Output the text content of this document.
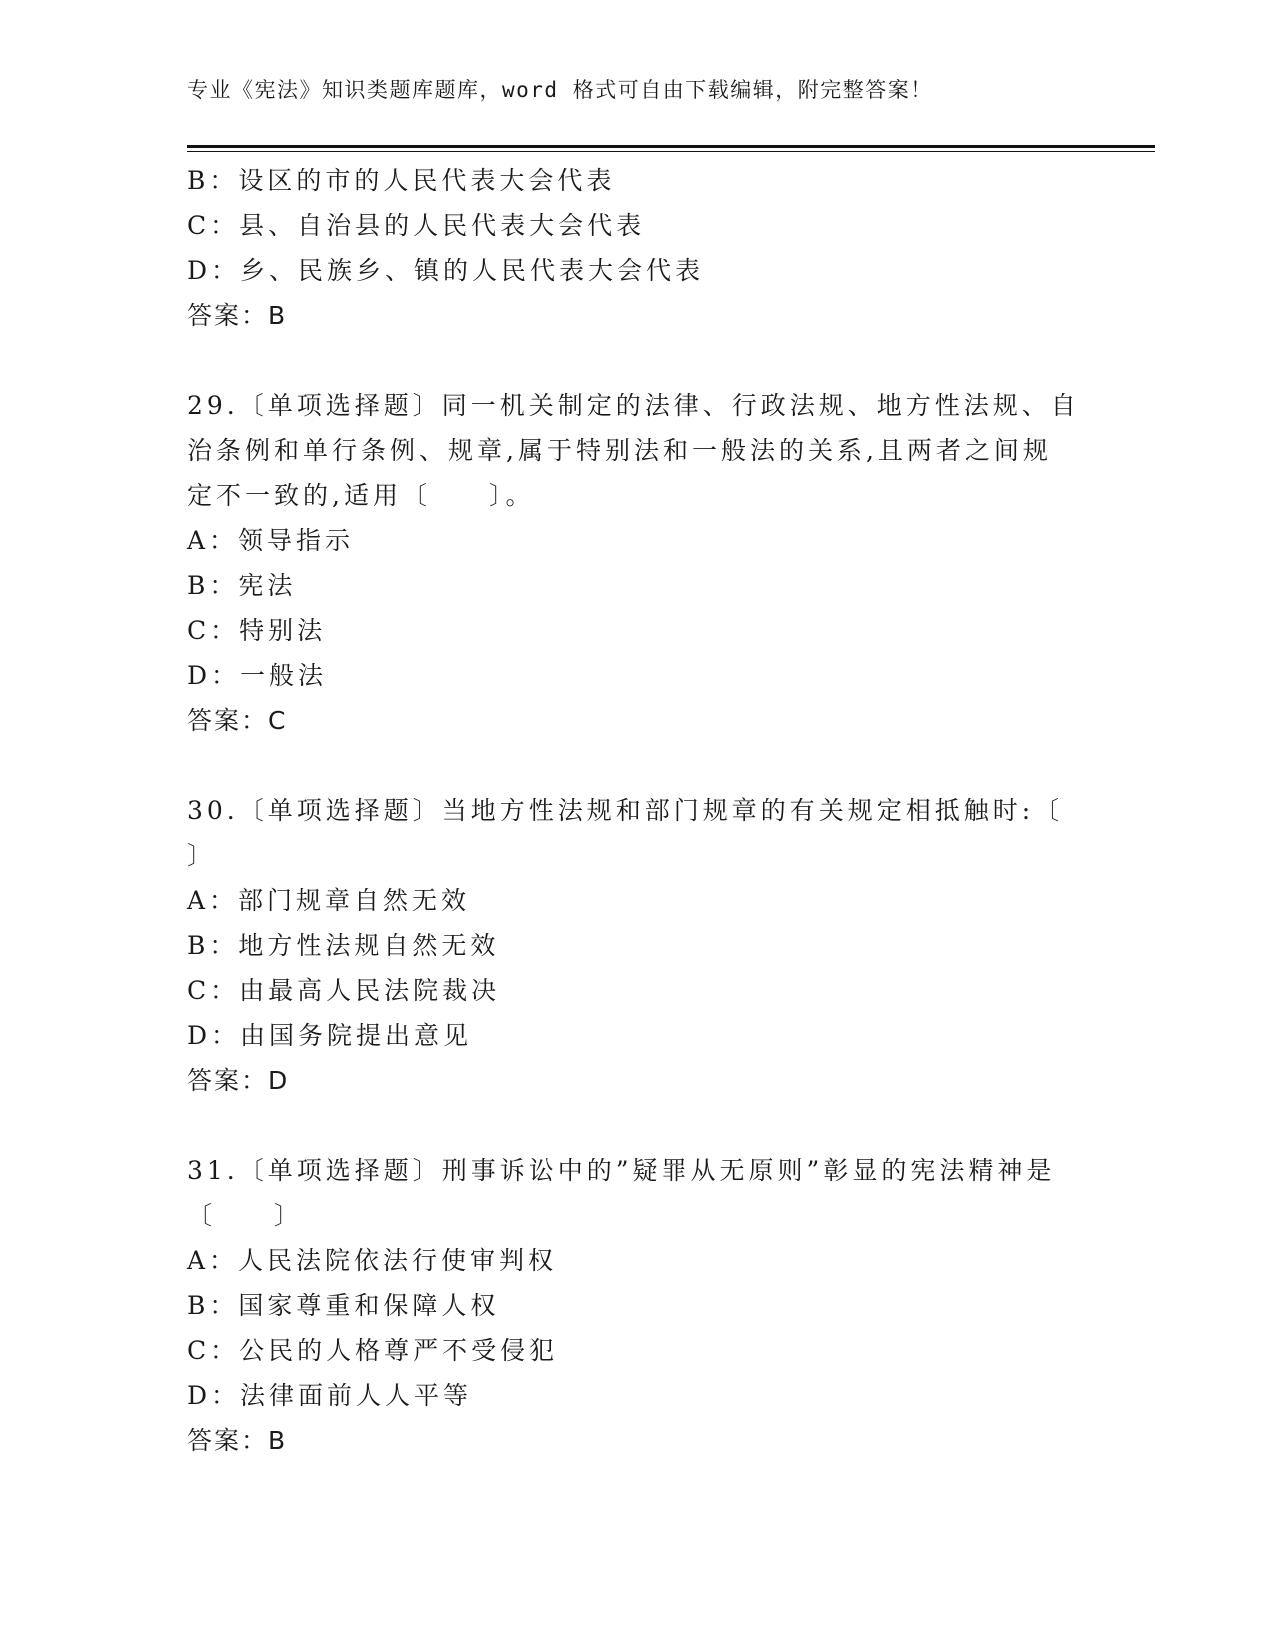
专业《宪法》知识类题库题库，word 格式可自由下载编辑，附完整答案！
B：设区的市的人民代表大会代表
C：县、自治县的人民代表大会代表
D：乡、民族乡、镇的人民代表大会代表
答案：B
29.〔单项选择题〕同一机关制定的法律、行政法规、地方性法规、自
治条例和单行条例、规章,属于特别法和一般法的关系,且两者之间规
定不一致的,适用〔　　〕。
A：领导指示
B：宪法
C：特别法
D：一般法
答案：C
30.〔单项选择题〕当地方性法规和部门规章的有关规定相抵触时:〔
〕
A：部门规章自然无效
B：地方性法规自然无效
C：由最高人民法院裁决
D：由国务院提出意见
答案：D
31.〔单项选择题〕刑事诉讼中的”疑罪从无原则”彰显的宪法精神是
〔　　〕
A：人民法院依法行使审判权
B：国家尊重和保障人权
C：公民的人格尊严不受侵犯
D：法律面前人人平等
答案：B
